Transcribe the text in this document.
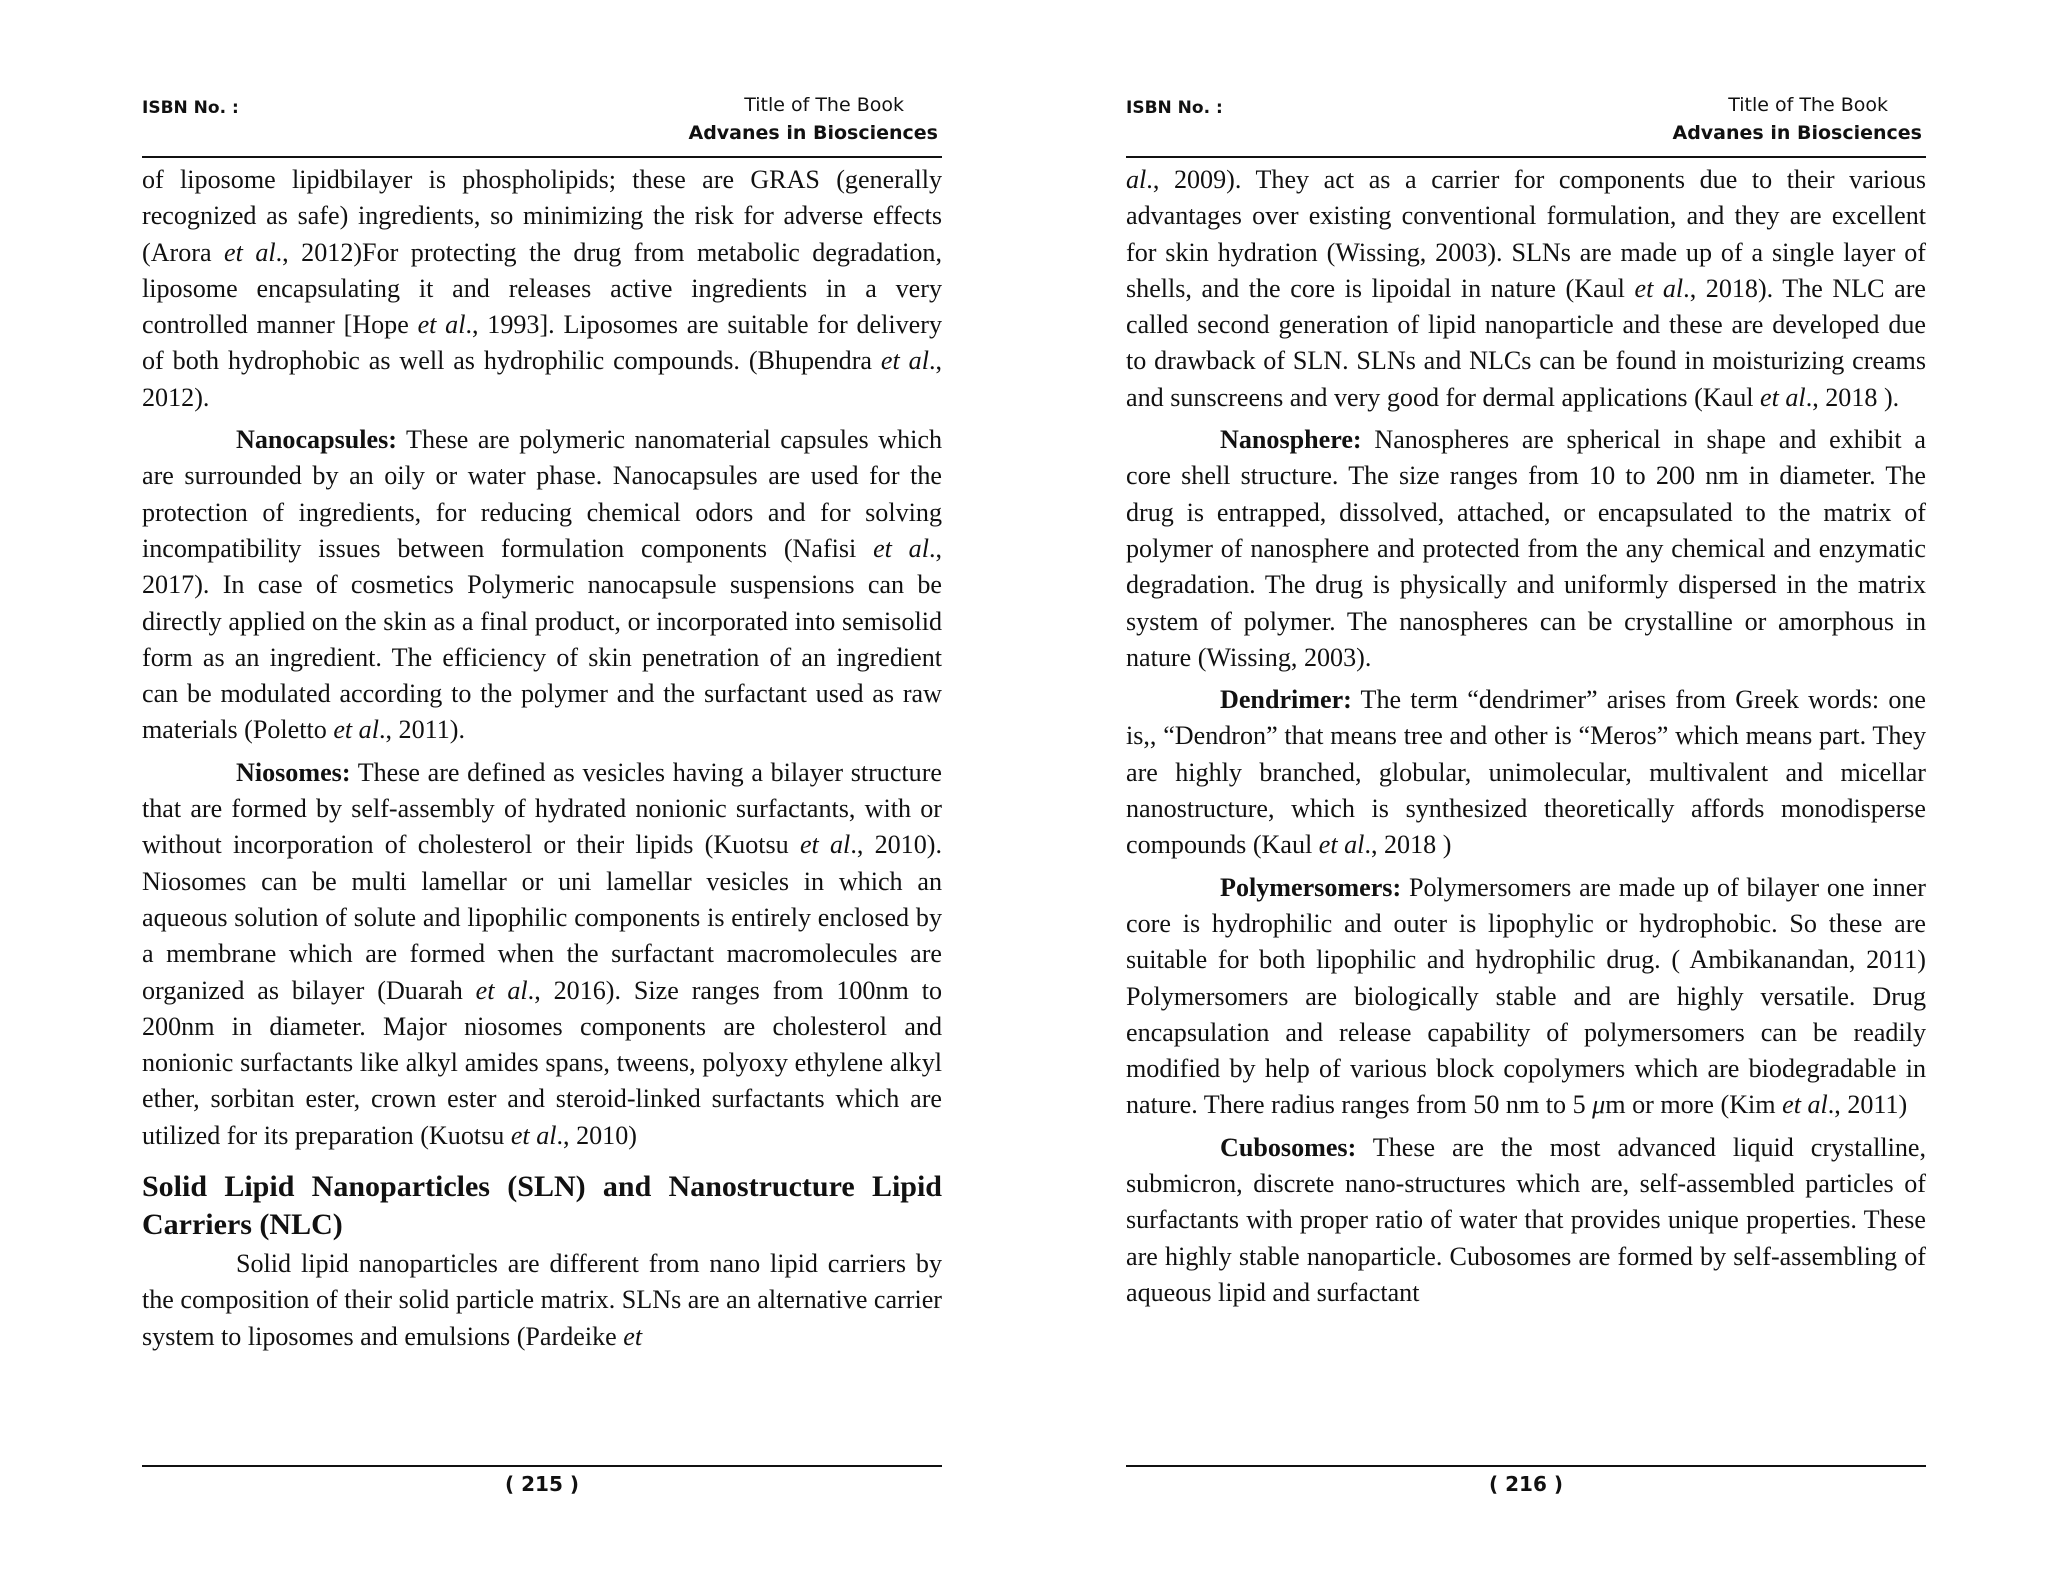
ISBN No. :	Title of The Book
Advanes in Biosciences

of liposome lipidbilayer is phospholipids; these are GRAS (generally recognized as safe) ingredients, so minimizing the risk for adverse effects (Arora et al., 2012)For protecting the drug from metabolic degradation, liposome encapsulating it and releases active ingredients in a very controlled manner [Hope et al., 1993]. Liposomes are suitable for delivery of both hydrophobic as well as hydrophilic compounds. (Bhupendra et al., 2012).

Nanocapsules: These are polymeric nanomaterial capsules which are surrounded by an oily or water phase. Nanocapsules are used for the protection of ingredients, for reducing chemical odors and for solving incompatibility issues between formulation components (Nafisi et al., 2017). In case of cosmetics Polymeric nanocapsule suspensions can be directly applied on the skin as a final product, or incorporated into semisolid form as an ingredient. The efficiency of skin penetration of an ingredient can be modulated according to the polymer and the surfactant used as raw materials (Poletto et al., 2011).

Niosomes: These are defined as vesicles having a bilayer structure that are formed by self-assembly of hydrated nonionic surfactants, with or without incorporation of cholesterol or their lipids (Kuotsu et al., 2010). Niosomes can be multi lamellar or uni lamellar vesicles in which an aqueous solution of solute and lipophilic components is entirely enclosed by a membrane which are formed when the surfactant macromolecules are organized as bilayer (Duarah et al., 2016). Size ranges from 100nm to 200nm in diameter. Major niosomes components are cholesterol and nonionic surfactants like alkyl amides spans, tweens, polyoxy ethylene alkyl ether, sorbitan ester, crown ester and steroid-linked surfactants which are utilized for its preparation (Kuotsu et al., 2010)

Solid Lipid Nanoparticles (SLN) and Nanostructure Lipid Carriers (NLC)

Solid lipid nanoparticles are different from nano lipid carriers by the composition of their solid particle matrix. SLNs are an alternative carrier system to liposomes and emulsions (Pardeike et

( 215 )
ISBN No. :	Title of The Book
Advanes in Biosciences

al., 2009). They act as a carrier for components due to their various advantages over existing conventional formulation, and they are excellent for skin hydration (Wissing, 2003). SLNs are made up of a single layer of shells, and the core is lipoidal in nature (Kaul et al., 2018). The NLC are called second generation of lipid nanoparticle and these are developed due to drawback of SLN. SLNs and NLCs can be found in moisturizing creams and sunscreens and very good for dermal applications (Kaul et al., 2018 ).

Nanosphere: Nanospheres are spherical in shape and exhibit a core shell structure. The size ranges from 10 to 200 nm in diameter. The drug is entrapped, dissolved, attached, or encapsulated to the matrix of polymer of nanosphere and protected from the any chemical and enzymatic degradation. The drug is physically and uniformly dispersed in the matrix system of polymer. The nanospheres can be crystalline or amorphous in nature (Wissing, 2003).

Dendrimer: The term “dendrimer” arises from Greek words: one is,, “Dendron” that means tree and other is “Meros” which means part. They are highly branched, globular, unimolecular, multivalent and micellar nanostructure, which is synthesized theoretically affords monodisperse compounds (Kaul et al., 2018 )

Polymersomers: Polymersomers are made up of bilayer one inner core is hydrophilic and outer is lipophylic or hydrophobic. So these are suitable for both lipophilic and hydrophilic drug. ( Ambikanandan, 2011) Polymersomers are biologically stable and are highly versatile. Drug encapsulation and release capability of polymersomers can be readily modified by help of various block copolymers which are biodegradable in nature. There radius ranges from 50 nm to 5 μm or more (Kim et al., 2011)

Cubosomes: These are the most advanced liquid crystalline, submicron, discrete nano-structures which are, self-assembled particles of surfactants with proper ratio of water that provides unique properties. These are highly stable nanoparticle. Cubosomes are formed by self-assembling of aqueous lipid and surfactant

( 216 )
